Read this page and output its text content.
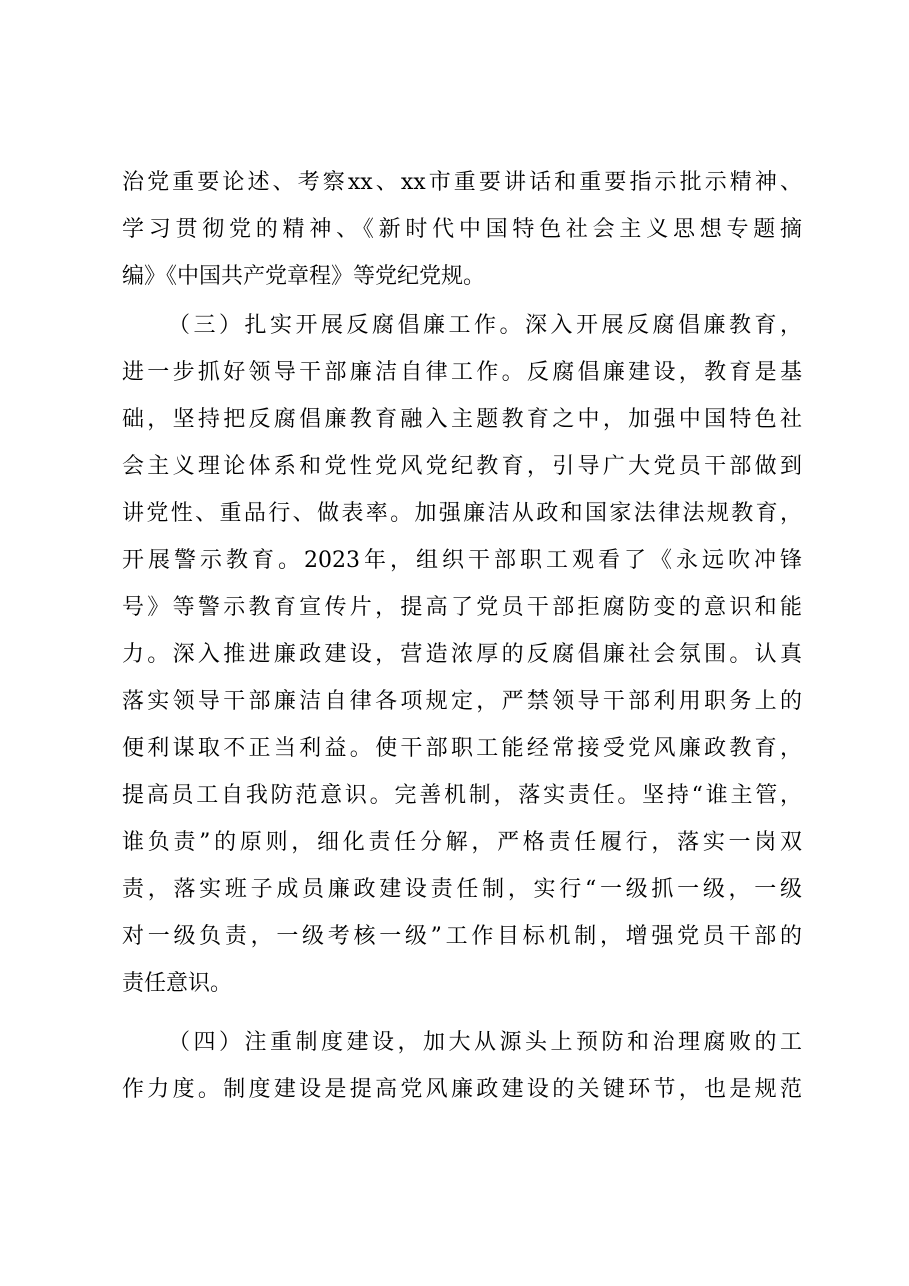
治党重要论述、考察xx、xx市重要讲话和重要指示批示精神、
学习贯彻党的精神、《新时代中国特色社会主义思想专题摘
编》《中国共产党章程》等党纪党规。
（三）扎实开展反腐倡廉工作。深入开展反腐倡廉教育，
进一步抓好领导干部廉洁自律工作。反腐倡廉建设，教育是基
础，坚持把反腐倡廉教育融入主题教育之中，加强中国特色社
会主义理论体系和党性党风党纪教育，引导广大党员干部做到
讲党性、重品行、做表率。加强廉洁从政和国家法律法规教育，
开展警示教育。2023年，组织干部职工观看了《永远吹冲锋
号》等警示教育宣传片，提高了党员干部拒腐防变的意识和能
力。深入推进廉政建设，营造浓厚的反腐倡廉社会氛围。认真
落实领导干部廉洁自律各项规定，严禁领导干部利用职务上的
便利谋取不正当利益。使干部职工能经常接受党风廉政教育，
提高员工自我防范意识。完善机制，落实责任。坚持“谁主管，
谁负责”的原则，细化责任分解，严格责任履行，落实一岗双
责，落实班子成员廉政建设责任制，实行“一级抓一级，一级
对一级负责，一级考核一级”工作目标机制，增强党员干部的
责任意识。
（四）注重制度建设，加大从源头上预防和治理腐败的工
作力度。制度建设是提高党风廉政建设的关键环节，也是规范
